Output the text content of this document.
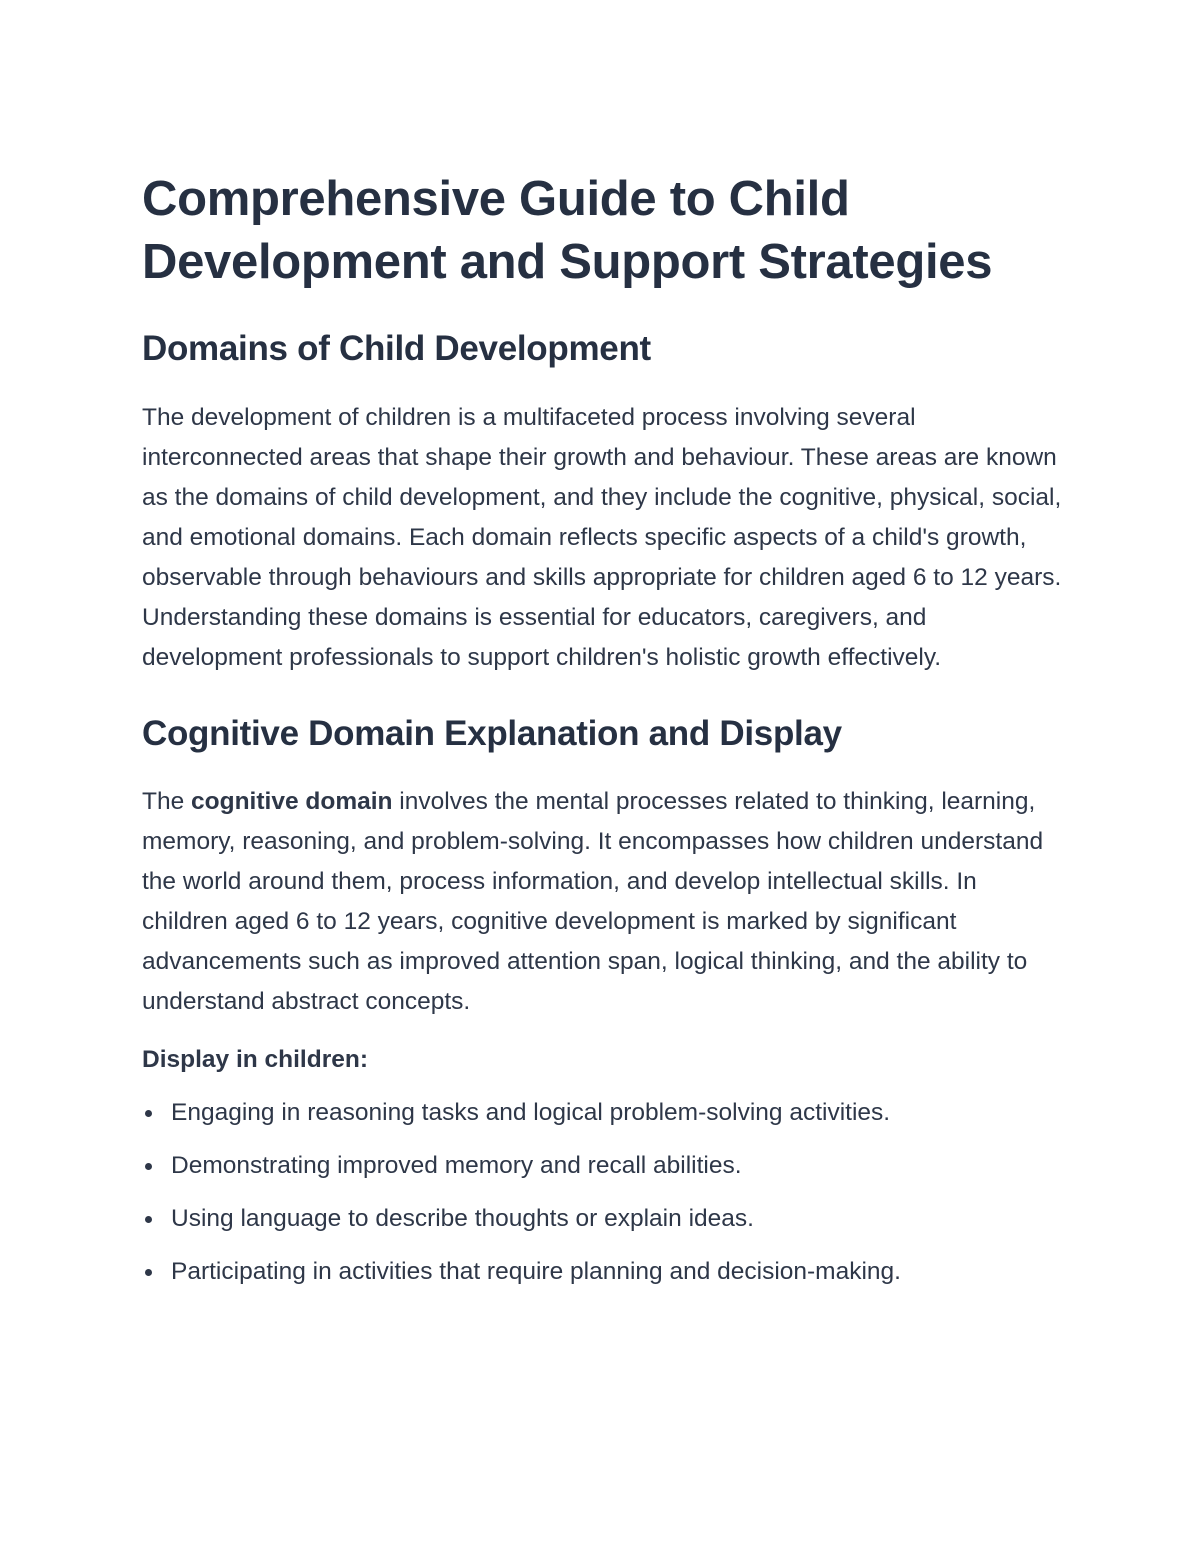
Comprehensive Guide to Child Development and Support Strategies
Domains of Child Development

The development of children is a multifaceted process involving several interconnected areas that shape their growth and behaviour. These areas are known as the domains of child development, and they include the cognitive, physical, social, and emotional domains. Each domain reflects specific aspects of a child's growth, observable through behaviours and skills appropriate for children aged 6 to 12 years. Understanding these domains is essential for educators, caregivers, and development professionals to support children's holistic growth effectively.

Cognitive Domain Explanation and Display

The cognitive domain involves the mental processes related to thinking, learning, memory, reasoning, and problem-solving. It encompasses how children understand the world around them, process information, and develop intellectual skills. In children aged 6 to 12 years, cognitive development is marked by significant advancements such as improved attention span, logical thinking, and the ability to understand abstract concepts.

Display in children:

Engaging in reasoning tasks and logical problem-solving activities.
Demonstrating improved memory and recall abilities.
Using language to describe thoughts or explain ideas.
Participating in activities that require planning and decision-making.
